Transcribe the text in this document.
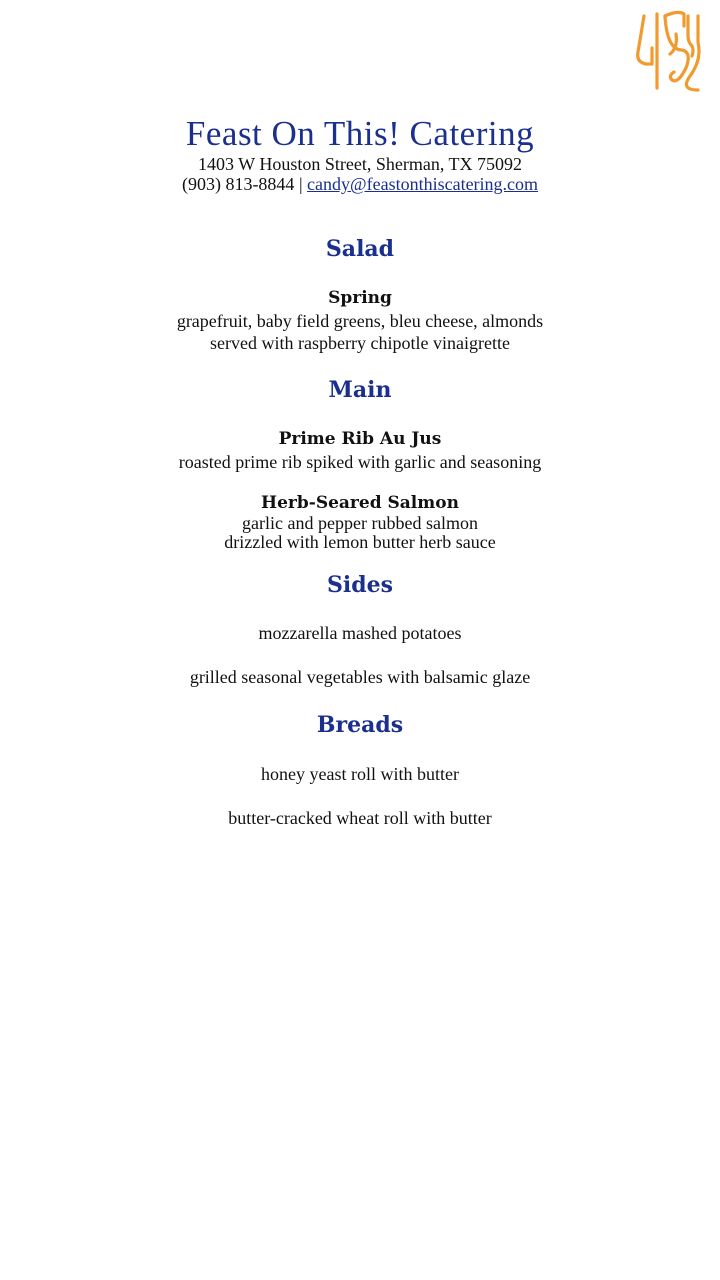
Feast On This! Catering
1403 W Houston Street, Sherman, TX 75092
(903) 813-8844 | candy@feastonthiscatering.com
Salad
Spring
grapefruit, baby field greens, bleu cheese, almonds
served with raspberry chipotle vinaigrette
Main
Prime Rib Au Jus
roasted prime rib spiked with garlic and seasoning
Herb-Seared Salmon
garlic and pepper rubbed salmon
drizzled with lemon butter herb sauce
Sides
mozzarella mashed potatoes
grilled seasonal vegetables with balsamic glaze
Breads
honey yeast roll with butter
butter-cracked wheat roll with butter
